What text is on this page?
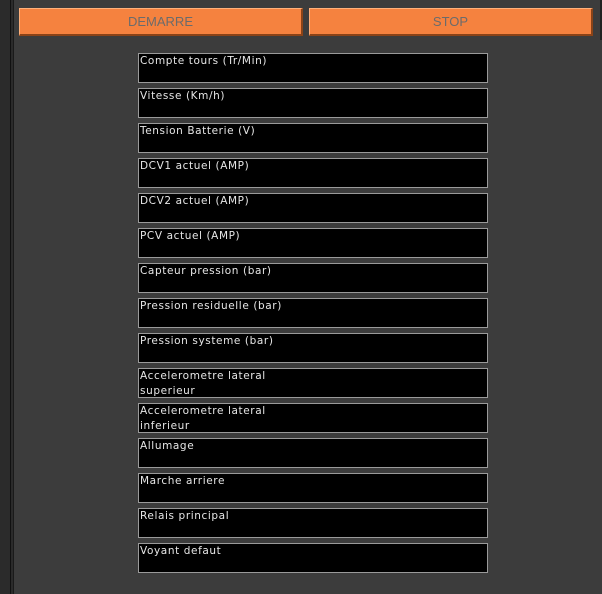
DEMARRE	STOP
Compte tours (Tr/Min)
Vitesse (Km/h)
Tension Batterie (V)
DCV1 actuel (AMP)
DCV2 actuel (AMP)
PCV actuel (AMP)
Capteur pression (bar)
Pression residuelle (bar)
Pression systeme (bar)
Accelerometre lateral
superieur
Accelerometre lateral
inferieur
Allumage
Marche arriere
Relais principal
Voyant defaut
